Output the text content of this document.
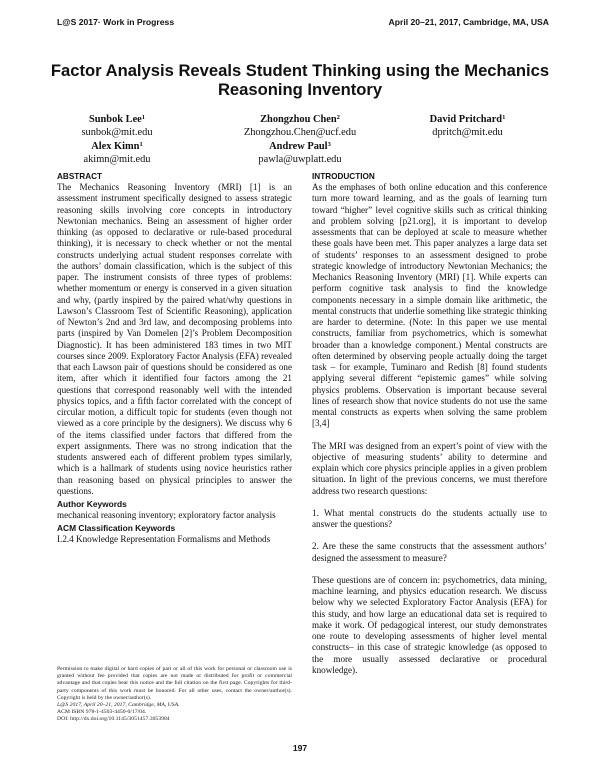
L@S 2017· Work in Progress	April 20–21, 2017, Cambridge, MA, USA
Factor Analysis Reveals Student Thinking using the Mechanics Reasoning Inventory
Sunbok Lee$^1$
sunbok@mit.edu
Alex Kimn$^1$
akimn@mit.edu
Zhongzhou Chen$^2$
Zhongzhou.Chen@ucf.edu
Andrew Paul$^3$
pawla@uwplatt.edu
David Pritchard$^1$
dpritch@mit.edu
ABSTRACT

The Mechanics Reasoning Inventory (MRI) [1] is an assessment instrument specifically designed to assess strategic reasoning skills involving core concepts in introductory Newtonian mechanics. Being an assessment of higher order thinking (as opposed to declarative or rule-based procedural thinking), it is necessary to check whether or not the mental constructs underlying actual student responses correlate with the authors’ domain classification, which is the subject of this paper. The instrument consists of three types of problems: whether momentum or energy is conserved in a given situation and why, (partly inspired by the paired what/why questions in Lawson’s Classroom Test of Scientific Reasoning), application of Newton’s 2nd and 3rd law, and decomposing problems into parts (inspired by Van Domelen [2]’s Problem Decomposition Diagnostic). It has been administered 183 times in two MIT courses since 2009. Exploratory Factor Analysis (EFA) revealed that each Lawson pair of questions should be considered as one item, after which it identified four factors among the 21 questions that correspond reasonably well with the intended physics topics, and a fifth factor correlated with the concept of circular motion, a difficult topic for students (even though not viewed as a core principle by the designers). We discuss why 6 of the items classified under factors that differed from the expert assignments. There was no strong indication that the students answered each of different problem types similarly, which is a hallmark of students using novice heuristics rather than reasoning based on physical principles to answer the questions.

Author Keywords

mechanical reasoning inventory; exploratory factor analysis

ACM Classification Keywords

I.2.4 Knowledge Representation Formalisms and Methods

Permission to make digital or hard copies of part or all of this work for personal or classroom use is granted without fee provided that copies are not made or distributed for profit or commercial advantage and that copies bear this notice and the full citation on the first page. Copyrights for third-party components of this work must be honored. For all other uses, contact the owner/author(s). Copyright is held by the owner/author(s).
L@S 2017, April 20–21, 2017, Cambridge, MA, USA.
ACM ISBN 978-1-4503-4450-0/17/04.
DOI: http://dx.doi.org/10.1145/3051457.3053984
INTRODUCTION

As the emphases of both online education and this conference turn more toward learning, and as the goals of learning turn toward “higher” level cognitive skills such as critical thinking and problem solving [p21.org], it is important to develop assessments that can be deployed at scale to measure whether these goals have been met. This paper analyzes a large data set of students’ responses to an assessment designed to probe strategic knowledge of introductory Newtonian Mechanics; the Mechanics Reasoning Inventory (MRI) [1]. While experts can perform cognitive task analysis to find the knowledge components necessary in a simple domain like arithmetic, the mental constructs that underlie something like strategic thinking are harder to determine. (Note: In this paper we use mental constructs, familiar from psychometrics, which is somewhat broader than a knowledge component.) Mental constructs are often determined by observing people actually doing the target task – for example, Tuminaro and Redish [8] found students applying several different “epistemic games” while solving physics problems. Observation is important because several lines of research show that novice students do not use the same mental constructs as experts when solving the same problem [3,4]

The MRI was designed from an expert’s point of view with the objective of measuring students’ ability to determine and explain which core physics principle applies in a given problem situation. In light of the previous concerns, we must therefore address two research questions:

1. What mental constructs do the students actually use to answer the questions?

2. Are these the same constructs that the assessment authors’ designed the assessment to measure?

These questions are of concern in: psychometrics, data mining, machine learning, and physics education research. We discuss below why we selected Exploratory Factor Analysis (EFA) for this study, and how large an educational data set is required to make it work. Of pedagogical interest, our study demonstrates one route to developing assessments of higher level mental constructs– in this case of strategic knowledge (as opposed to the more usually assessed declarative or procedural knowledge).

197
